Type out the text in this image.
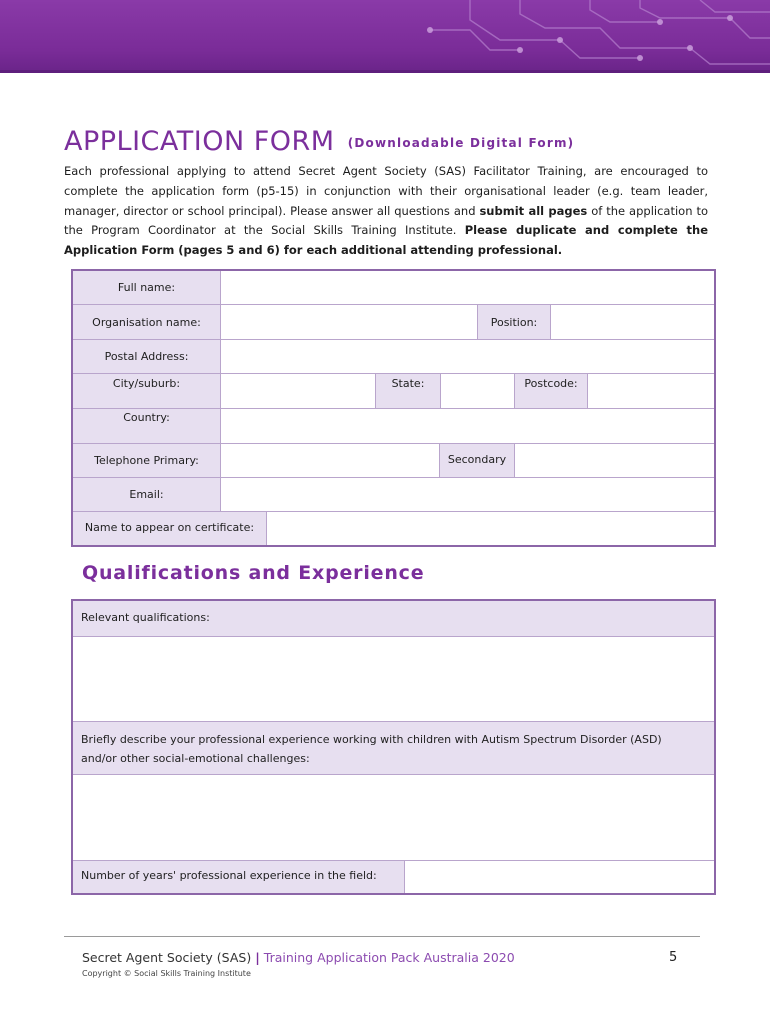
APPLICATION FORM (Downloadable Digital Form)
Each professional applying to attend Secret Agent Society (SAS) Facilitator Training, are encouraged to complete the application form (p5-15) in conjunction with their organisational leader (e.g. team leader, manager, director or school principal). Please answer all questions and submit all pages of the application to the Program Coordinator at the Social Skills Training Institute. Please duplicate and complete the Application Form (pages 5 and 6) for each additional attending professional.
Full name:
Organisation name:	Position:
Postal Address:
City/suburb:	State:	Postcode:
Country:
Telephone Primary:	Secondary
Email:
Name to appear on certificate:
Qualifications and Experience
Relevant qualifications:
Briefly describe your professional experience working with children with Autism Spectrum Disorder (ASD) and/or other social-emotional challenges:
Number of years' professional experience in the field:
Secret Agent Society (SAS) | Training Application Pack Australia 2020	5
Copyright © Social Skills Training Institute
